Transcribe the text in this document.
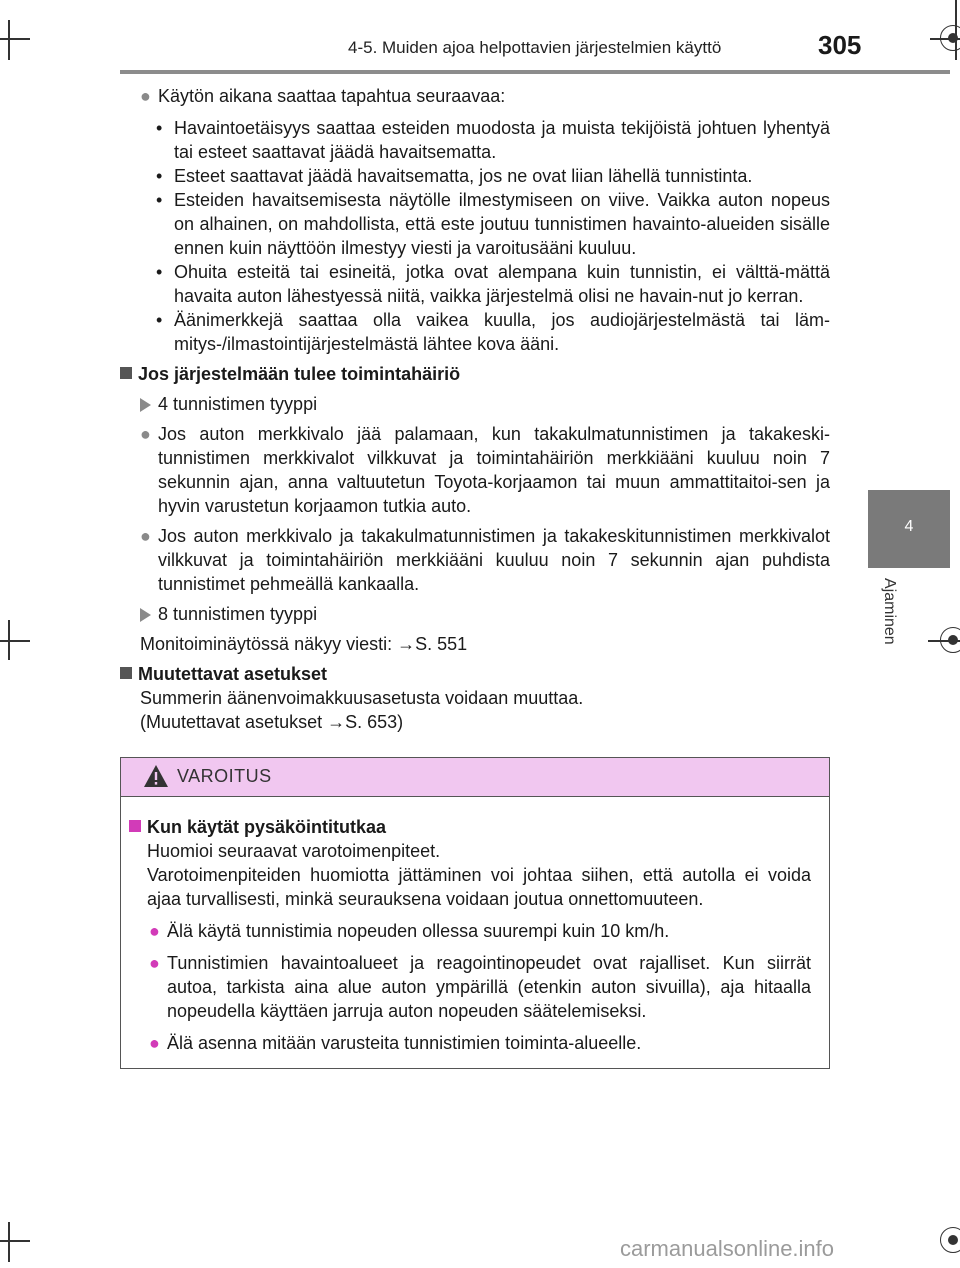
4-5. Muiden ajoa helpottavien järjestelmien käyttö	305
4
Ajaminen
● Käytön aikana saattaa tapahtua seuraavaa:
• Havaintoetäisyys saattaa esteiden muodosta ja muista tekijöistä johtuen lyhentyä tai esteet saattavat jäädä havaitsematta.
• Esteet saattavat jäädä havaitsematta, jos ne ovat liian lähellä tunnistinta.
• Esteiden havaitsemisesta näytölle ilmestymiseen on viive. Vaikka auton nopeus on alhainen, on mahdollista, että este joutuu tunnistimen havainto-alueiden sisälle ennen kuin näyttöön ilmestyy viesti ja varoitusääni kuuluu.
• Ohuita esteitä tai esineitä, jotka ovat alempana kuin tunnistin, ei välttä-mättä havaita auton lähestyessä niitä, vaikka järjestelmä olisi ne havain-nut jo kerran.
• Äänimerkkejä saattaa olla vaikea kuulla, jos audiojärjestelmästä tai läm-mitys-/ilmastointijärjestelmästä lähtee kova ääni.
Jos järjestelmään tulee toimintahäiriö
4 tunnistimen tyyppi
● Jos auton merkkivalo jää palamaan, kun takakulmatunnistimen ja takakeski-tunnistimen merkkivalot vilkkuvat ja toimintahäiriön merkkiääni kuuluu noin 7 sekunnin ajan, anna valtuutetun Toyota-korjaamon tai muun ammattitaitoi-sen ja hyvin varustetun korjaamon tutkia auto.
● Jos auton merkkivalo ja takakulmatunnistimen ja takakeskitunnistimen merkkivalot vilkkuvat ja toimintahäiriön merkkiääni kuuluu noin 7 sekunnin ajan puhdista tunnistimet pehmeällä kankaalla.
8 tunnistimen tyyppi
Monitoiminäytössä näkyy viesti: →S. 551
Muutettavat asetukset
Summerin äänenvoimakkuusasetusta voidaan muuttaa.
(Muutettavat asetukset →S. 653)
VAROITUS
Kun käytät pysäköintitutkaa
Huomioi seuraavat varotoimenpiteet.
Varotoimenpiteiden huomiotta jättäminen voi johtaa siihen, että autolla ei voida ajaa turvallisesti, minkä seurauksena voidaan joutua onnettomuuteen.
● Älä käytä tunnistimia nopeuden ollessa suurempi kuin 10 km/h.
● Tunnistimien havaintoalueet ja reagointinopeudet ovat rajalliset. Kun siirrät autoa, tarkista aina alue auton ympärillä (etenkin auton sivuilla), aja hitaalla nopeudella käyttäen jarruja auton nopeuden säätelemiseksi.
● Älä asenna mitään varusteita tunnistimien toiminta-alueelle.
carmanualsonline.info
